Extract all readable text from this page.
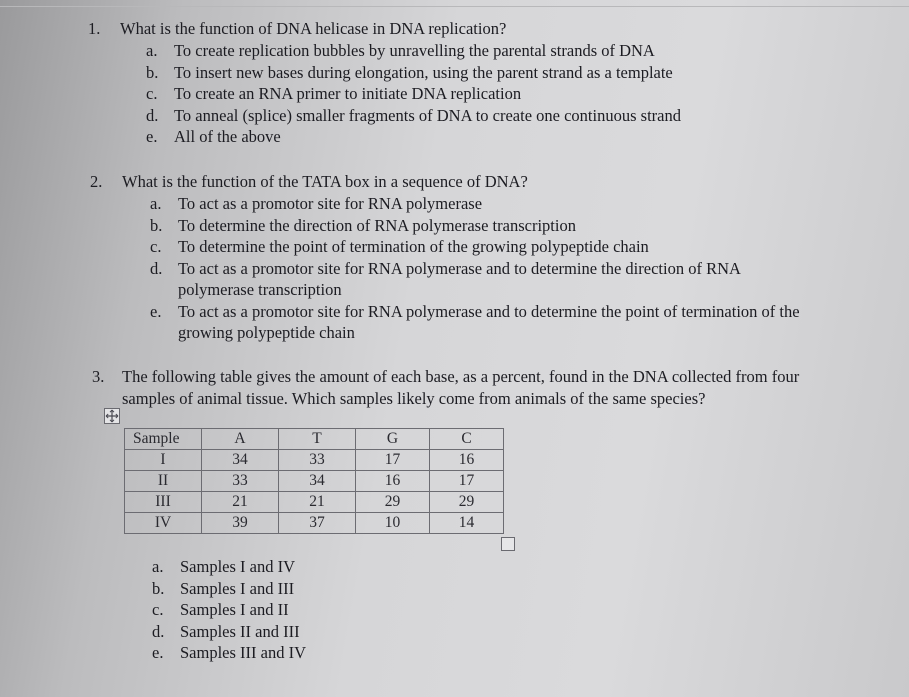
1. What is the function of DNA helicase in DNA replication?
a. To create replication bubbles by unravelling the parental strands of DNA
b. To insert new bases during elongation, using the parent strand as a template
c. To create an RNA primer to initiate DNA replication
d. To anneal (splice) smaller fragments of DNA to create one continuous strand
e. All of the above
2. What is the function of the TATA box in a sequence of DNA?
a. To act as a promotor site for RNA polymerase
b. To determine the direction of RNA polymerase transcription
c. To determine the point of termination of the growing polypeptide chain
d. To act as a promotor site for RNA polymerase and to determine the direction of RNA
polymerase transcription
e. To act as a promotor site for RNA polymerase and to determine the point of termination of the
growing polypeptide chain
3. The following table gives the amount of each base, as a percent, found in the DNA collected from four
samples of animal tissue. Which samples likely come from animals of the same species?
Sample	A	T	G	C
I	34	33	17	16
II	33	34	16	17
III	21	21	29	29
IV	39	37	10	14
a. Samples I and IV
b. Samples I and III
c. Samples I and II
d. Samples II and III
e. Samples III and IV
